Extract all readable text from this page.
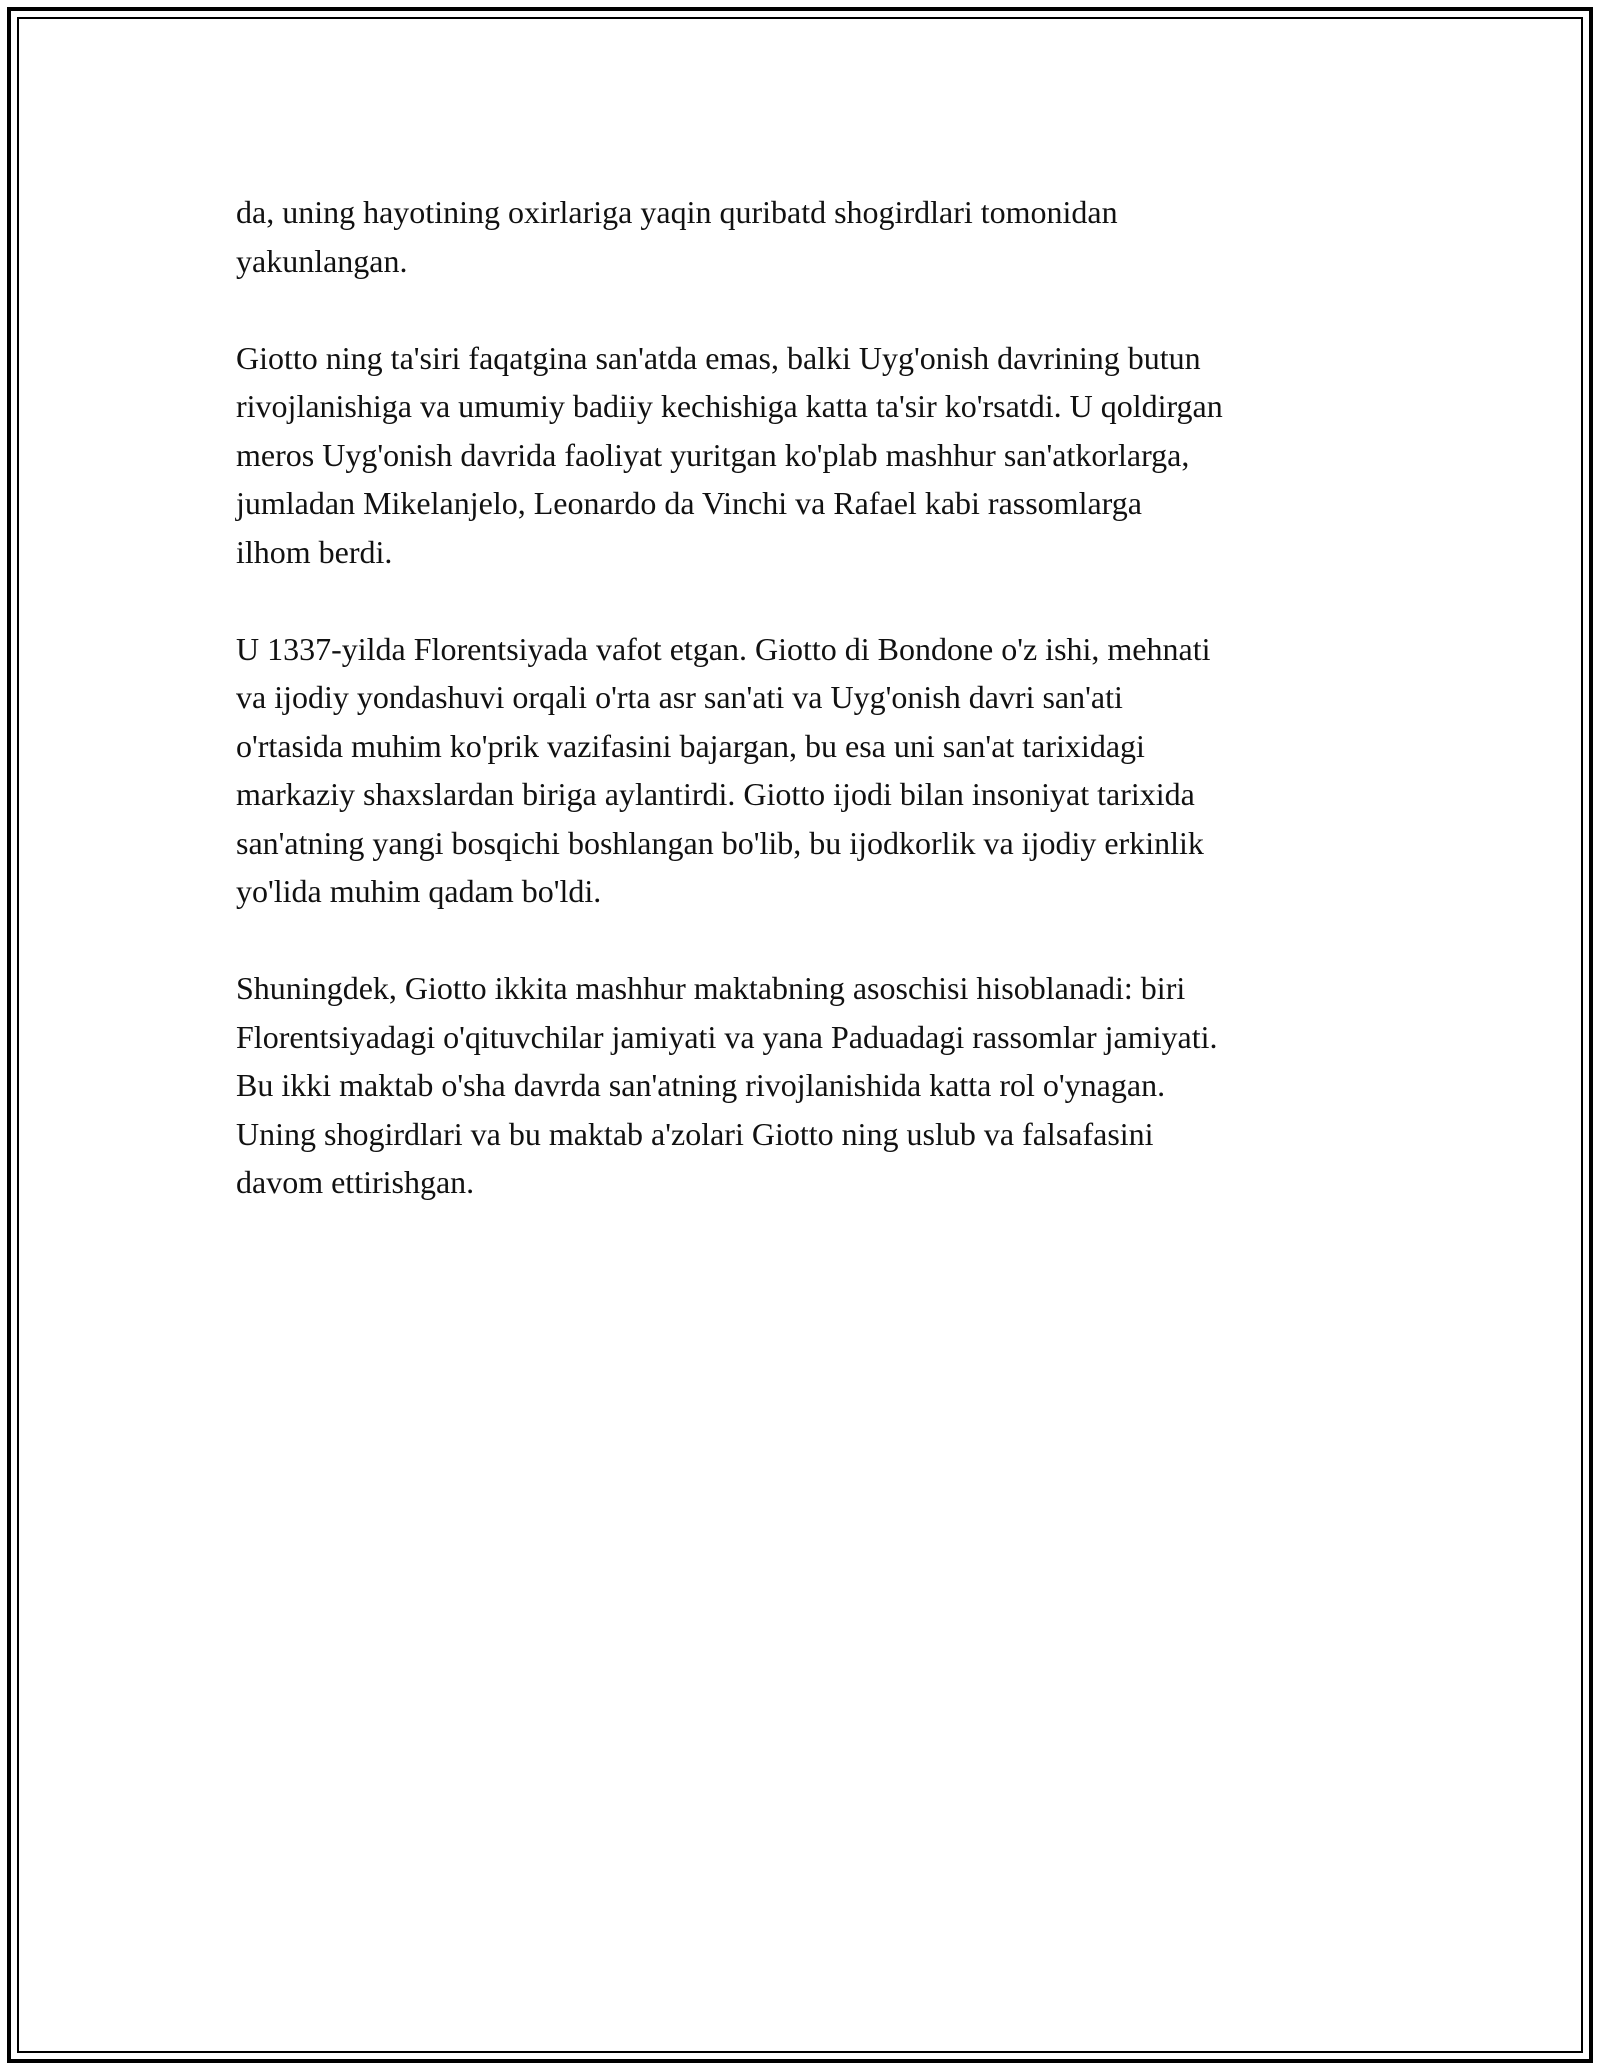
da, uning hayotining oxirlariga yaqin quribatd shogirdlari tomonidan
yakunlangan.

Giotto ning ta'siri faqatgina san'atda emas, balki Uyg'onish davrining butun
rivojlanishiga va umumiy badiiy kechishiga katta ta'sir ko'rsatdi. U qoldirgan
meros Uyg'onish davrida faoliyat yuritgan ko'plab mashhur san'atkorlarga,
jumladan Mikelanjelo, Leonardo da Vinchi va Rafael kabi rassomlarga
ilhom berdi.

U 1337-yilda Florentsiyada vafot etgan. Giotto di Bondone o'z ishi, mehnati
va ijodiy yondashuvi orqali o'rta asr san'ati va Uyg'onish davri san'ati
o'rtasida muhim ko'prik vazifasini bajargan, bu esa uni san'at tarixidagi
markaziy shaxslardan biriga aylantirdi. Giotto ijodi bilan insoniyat tarixida
san'atning yangi bosqichi boshlangan bo'lib, bu ijodkorlik va ijodiy erkinlik
yo'lida muhim qadam bo'ldi.

Shuningdek, Giotto ikkita mashhur maktabning asoschisi hisoblanadi: biri
Florentsiyadagi o'qituvchilar jamiyati va yana Paduadagi rassomlar jamiyati.
Bu ikki maktab o'sha davrda san'atning rivojlanishida katta rol o'ynagan.
Uning shogirdlari va bu maktab a'zolari Giotto ning uslub va falsafasini
davom ettirishgan.
